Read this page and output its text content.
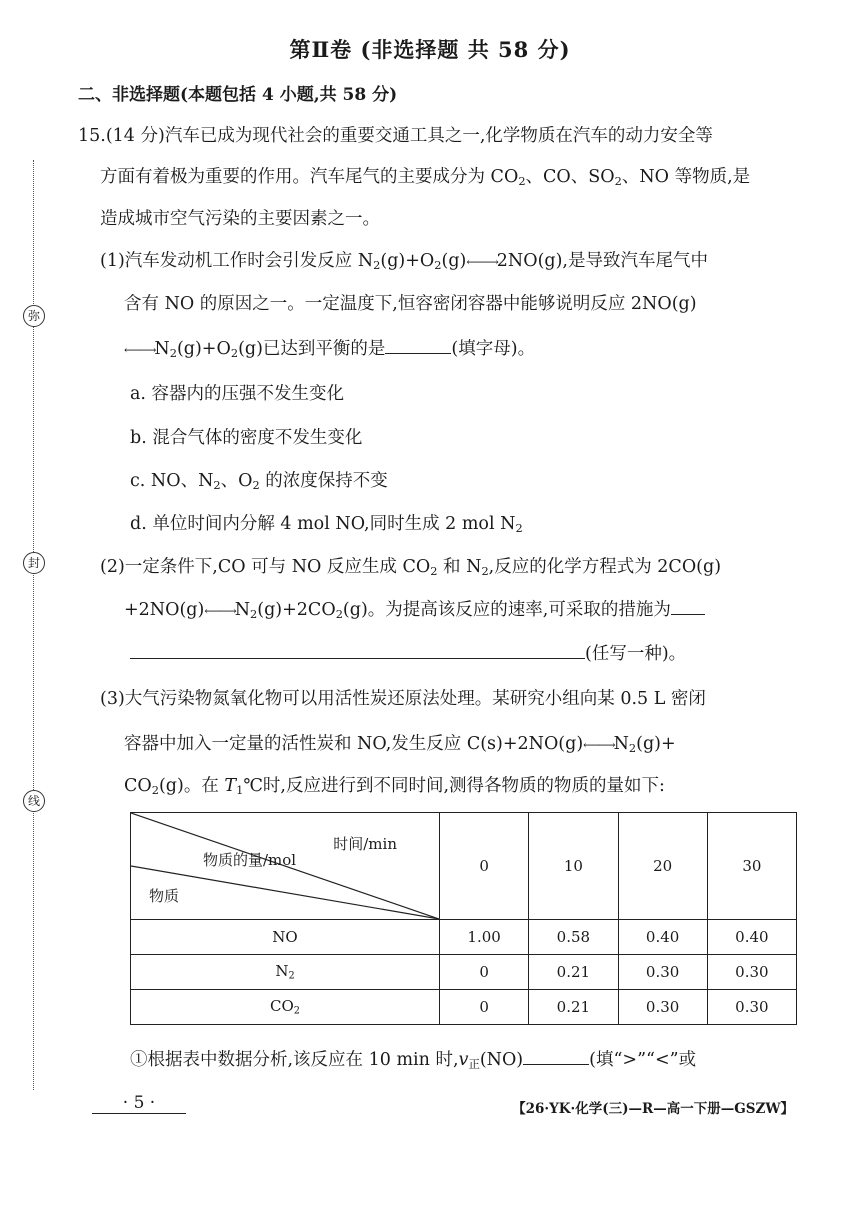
弥
封
线
第Ⅱ卷 (非选择题 共 58 分)
二、非选择题(本题包括 4 小题,共 58 分)
15.(14 分)汽车已成为现代社会的重要交通工具之一,化学物质在汽车的动力安全等
方面有着极为重要的作用。汽车尾气的主要成分为 $CO_2$、CO、$SO_2$、NO 等物质,是
造成城市空气污染的主要因素之一。
(1)汽车发动机工作时会引发反应 $N_2(g)+O_2(g)⟵⟶2NO(g)$,是导致汽车尾气中
含有 NO 的原因之一。一定温度下,恒容密闭容器中能够说明反应 2NO(g)
$⟵⟶N_2(g)+O_2(g)$已达到平衡的是	(填字母)。
a. 容器内的压强不发生变化
b. 混合气体的密度不发生变化
c. NO、$N_2$、$O_2$ 的浓度保持不变
d. 单位时间内分解 4 mol NO,同时生成 2 mol $N_2$
(2)一定条件下,CO 可与 NO 反应生成 $CO_2$ 和 $N_2$,反应的化学方程式为 2CO(g)
$+2NO(g)⟵⟶N_2(g)+2CO_2(g)$。为提高该反应的速率,可采取的措施为
(任写一种)。
(3)大气污染物氮氧化物可以用活性炭还原法处理。某研究小组向某 0.5 L 密闭
容器中加入一定量的活性炭和 NO,发生反应 $C(s)+2NO(g)⟵⟶N_2(g)+$
$CO_2(g)$。在 $T_1℃$时,反应进行到不同时间,测得各物质的物质的量如下:
时间/min
物质的量/mol
物质	0	10	20	30
NO	1.00	0.58	0.40	0.40
$N_2$	0	0.21	0.30	0.30
$CO_2$	0	0.21	0.30	0.30
①根据表中数据分析,该反应在 10 min 时$,v_正(NO)$	(填“>”“<”或
· 5 ·	【26·YK·化学(三)—R—高一下册—GSZW】
